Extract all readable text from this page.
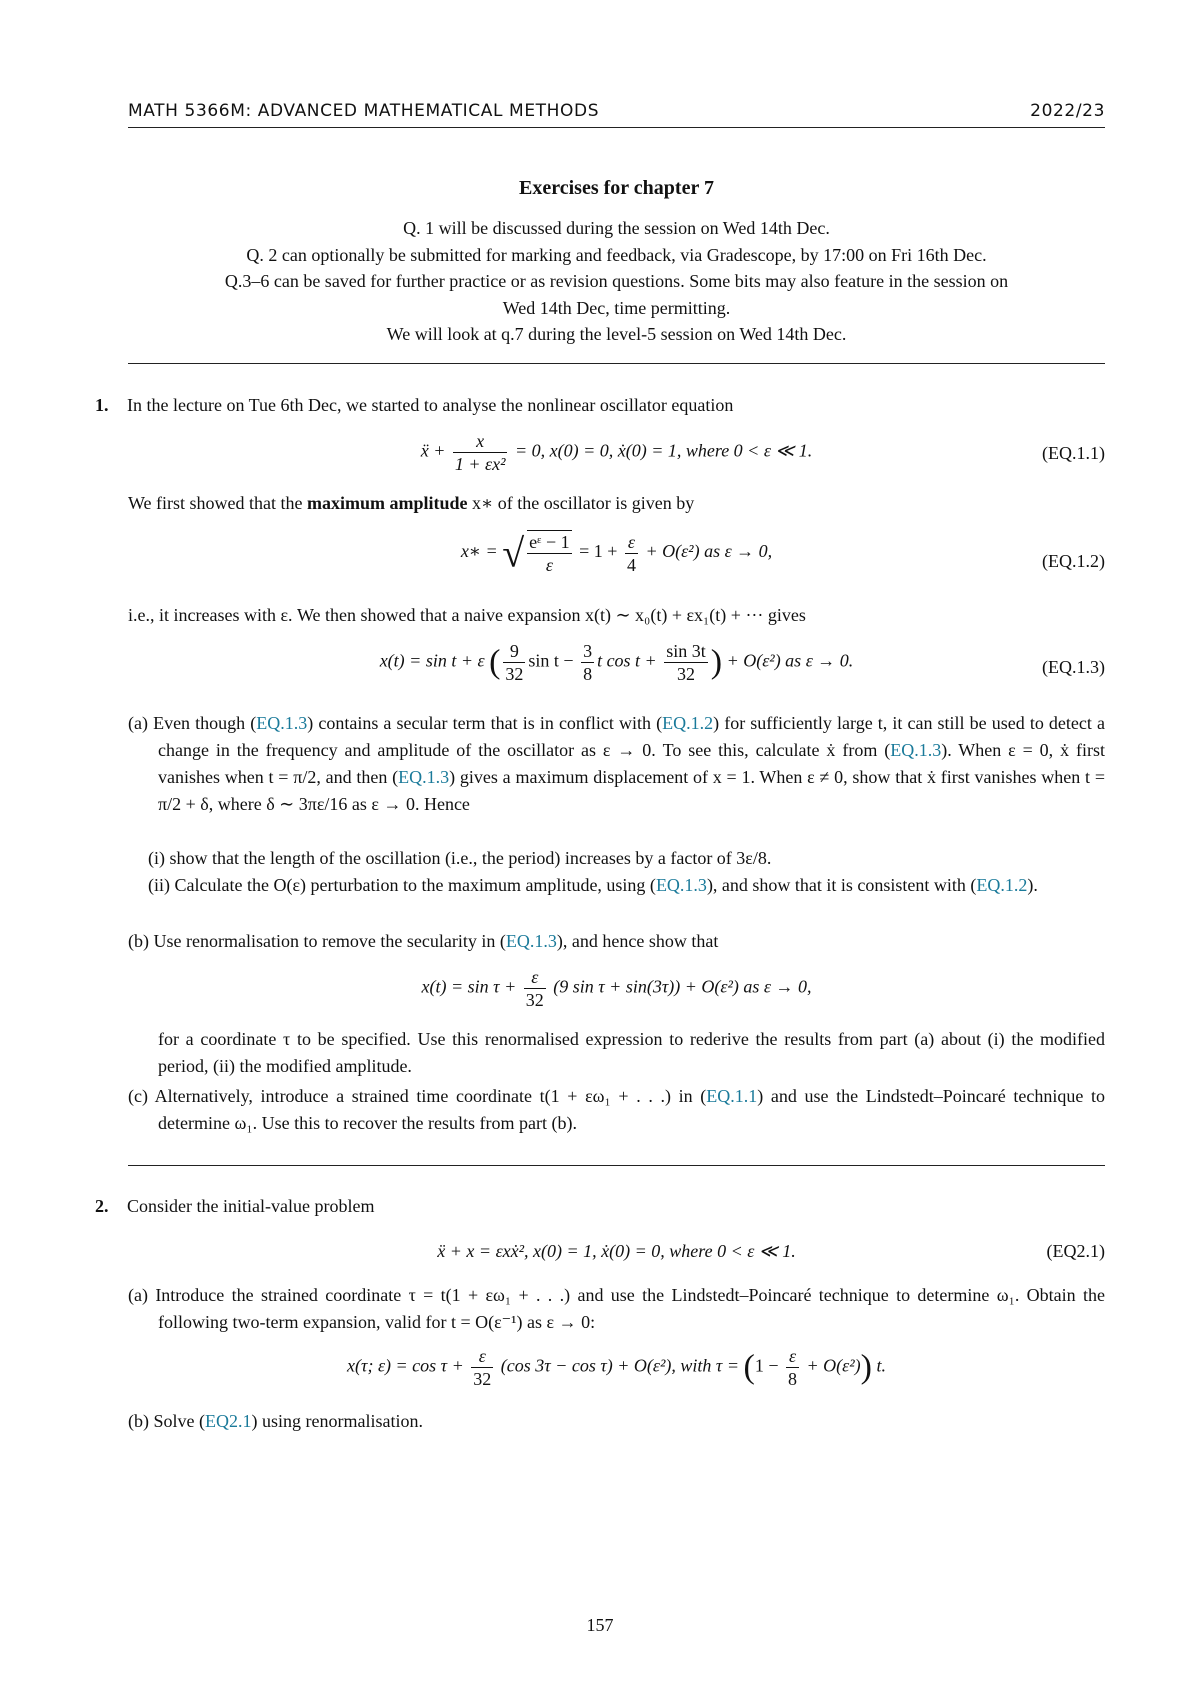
MATH 5366M: ADVANCED MATHEMATICAL METHODS	2022/23
Exercises for chapter 7
Q. 1 will be discussed during the session on Wed 14th Dec.
Q. 2 can optionally be submitted for marking and feedback, via Gradescope, by 17:00 on Fri 16th Dec.
Q.3–6 can be saved for further practice or as revision questions. Some bits may also feature in the session on
Wed 14th Dec, time permitting.
We will look at q.7 during the level-5 session on Wed 14th Dec.
1. In the lecture on Tue 6th Dec, we started to analyse the nonlinear oscillator equation
ẍ + $\frac{x}{\text{1 + εx²}} = 0$, x(0) = 0, ẋ(0) = 1, where 0 < ε ≪ 1.	(EQ.1.1)
We first showed that the maximum amplitude x∗ of the oscillator is given by
x∗ = √ $\frac{\text{eᵋ − 1}}{\varepsilon} = 1 + \frac{\varepsilon}{4} + O(\varepsilon^2)$ as ε → 0,	(EQ.1.2)
i.e., it increases with ε. We then showed that a naive expansion x(t) ∼ x₀(t) + εx₁(t) + ··· gives
x(t) = sin t + ε ( $\frac{9}{32}$ $\sin t - \frac{3}{8}$ t $\cos t + \frac{\sin 3t}{32}$ ) + O(ε²) as ε → 0.	(EQ.1.3)
(a) Even though (EQ.1.3) contains a secular term that is in conflict with (EQ.1.2) for sufficiently large t, it can still be used to detect a change in the frequency and amplitude of the oscillator as ε → 0. To see this, calculate ẋ from (EQ.1.3). When ε = 0, ẋ first vanishes when t = π/2, and then (EQ.1.3) gives a maximum displacement of x = 1. When ε ≠ 0, show that ẋ first vanishes when t = π/2 + δ, where δ ∼ 3πε/16 as ε → 0. Hence
(i) show that the length of the oscillation (i.e., the period) increases by a factor of 3ε/8.
(ii) Calculate the O(ε) perturbation to the maximum amplitude, using (EQ.1.3), and show that it is consistent with (EQ.1.2).
(b) Use renormalisation to remove the secularity in (EQ.1.3), and hence show that
$x(t) = \sin \tau + \frac{\varepsilon}{32} (9$ sin τ + sin(3τ)) + O(ε²) as ε → 0,
for a coordinate τ to be specified. Use this renormalised expression to rederive the results from part (a) about (i) the modified period, (ii) the modified amplitude.
(c) Alternatively, introduce a strained time coordinate t(1 + εω₁ + . . .) in (EQ.1.1) and use the Lindstedt–Poincaré technique to determine ω₁. Use this to recover the results from part (b).
2. Consider the initial-value problem
ẍ + x = εxẋ², x(0) = 1, ẋ(0) = 0, where 0 < ε ≪ 1.	(EQ2.1)
(a) Introduce the strained coordinate τ = t(1 + εω₁ + . . .) and use the Lindstedt–Poincaré technique to determine ω₁. Obtain the following two-term expansion, valid for t = O(ε⁻¹) as ε → 0:
x(τ; $\varepsilon) = \cos \tau + \frac{\varepsilon}{32} (\cos$ 3τ − cos τ) + O(ε²), with $\tau = (1 - \frac{\varepsilon}{8} + O(\varepsilon^2))$ t.
(b) Solve (EQ2.1) using renormalisation.
157
